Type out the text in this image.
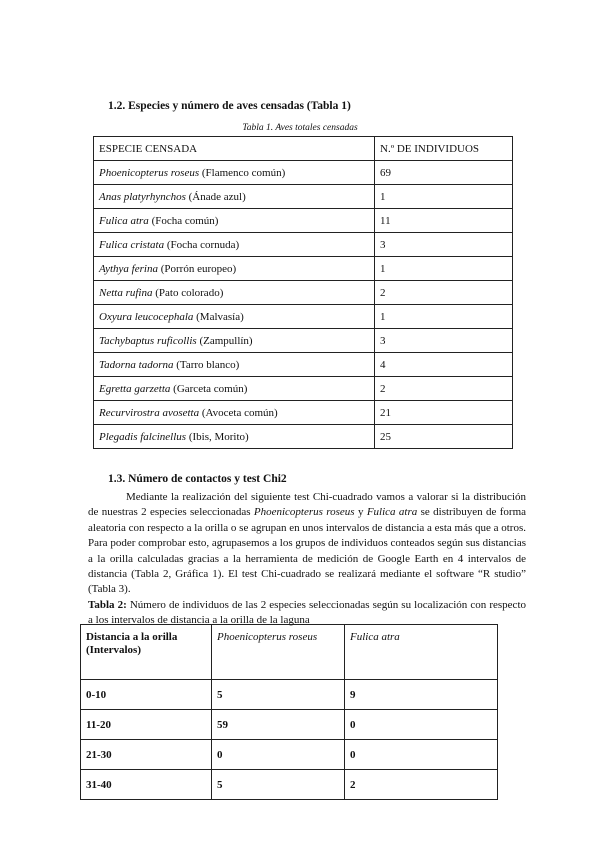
1.2. Especies y número de aves censadas (Tabla 1)

Tabla 1. Aves totales censadas

ESPECIE CENSADA	N.º DE INDIVIDUOS
Phoenicopterus roseus (Flamenco común)	69
Anas platyrhynchos (Ánade azul)	1
Fulica atra (Focha común)	11
Fulica cristata (Focha cornuda)	3
Aythya ferina (Porrón europeo)	1
Netta rufina (Pato colorado)	2
Oxyura leucocephala (Malvasía)	1
Tachybaptus ruficollis (Zampullín)	3
Tadorna tadorna (Tarro blanco)	4
Egretta garzetta (Garceta común)	2
Recurvirostra avosetta (Avoceta común)	21
Plegadis falcinellus (Ibis, Morito)	25
1.3. Número de contactos y test Chi2

Mediante la realización del siguiente test Chi-cuadrado vamos a valorar si la distribución de nuestras 2 especies seleccionadas Phoenicopterus roseus y Fulica atra se distribuyen de forma aleatoria con respecto a la orilla o se agrupan en unos intervalos de distancia a esta más que a otros.

Para poder comprobar esto, agrupasemos a los grupos de individuos conteados según sus distancias a la orilla calculadas gracias a la herramienta de medición de Google Earth en 4 intervalos de distancia (Tabla 2, Gráfica 1). El test Chi-cuadrado se realizará mediante el software “R studio” (Tabla 3).

Tabla 2: Número de individuos de las 2 especies seleccionadas según su localización con respecto a los intervalos de distancia a la orilla de la laguna

Distancia a la orilla
(Intervalos)	Phoenicopterus roseus	Fulica atra
0-10	5	9
11-20	59	0
21-30	0	0
31-40	5	2
